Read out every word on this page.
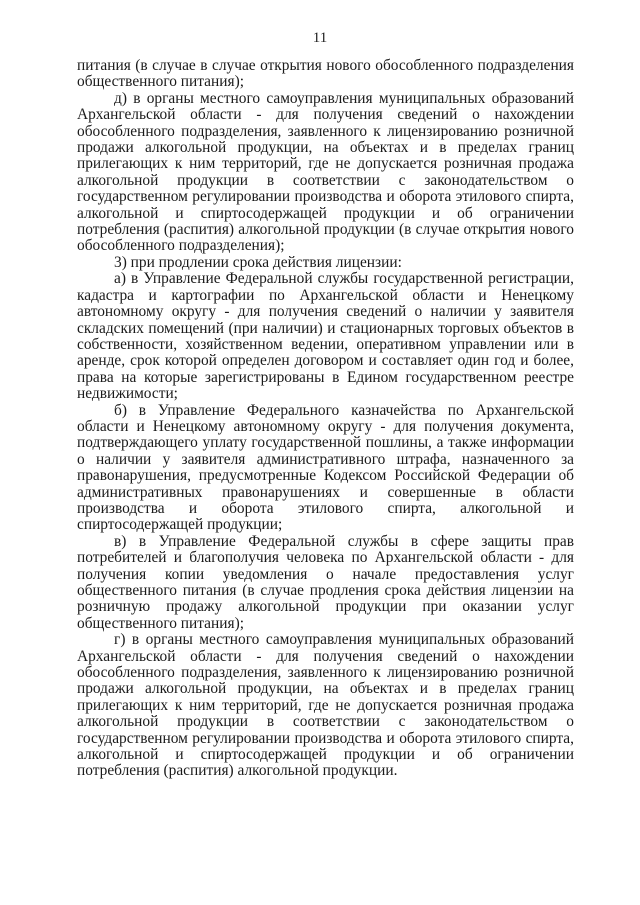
11

питания (в случае в случае открытия нового обособленного подразделения общественного питания);

д) в органы местного самоуправления муниципальных образований Архангельской области - для получения сведений о нахождении обособленного подразделения, заявленного к лицензированию розничной продажи алкогольной продукции, на объектах и в пределах границ прилегающих к ним территорий, где не допускается розничная продажа алкогольной продукции в соответствии с законодательством о государственном регулировании производства и оборота этилового спирта, алкогольной и спиртосодержащей продукции и об ограничении потребления (распития) алкогольной продукции (в случае открытия нового обособленного подразделения);

3) при продлении срока действия лицензии:

а) в Управление Федеральной службы государственной регистрации, кадастра и картографии по Архангельской области и Ненецкому автономному округу - для получения сведений о наличии у заявителя складских помещений (при наличии) и стационарных торговых объектов в собственности, хозяйственном ведении, оперативном управлении или в аренде, срок которой определен договором и составляет один год и более, права на которые зарегистрированы в Едином государственном реестре недвижимости;

б) в Управление Федерального казначейства по Архангельской области и Ненецкому автономному округу - для получения документа, подтверждающего уплату государственной пошлины, а также информации о наличии у заявителя административного штрафа, назначенного за правонарушения, предусмотренные Кодексом Российской Федерации об административных правонарушениях и совершенные в области производства и оборота этилового спирта, алкогольной и спиртосодержащей продукции;

в) в Управление Федеральной службы в сфере защиты прав потребителей и благополучия человека по Архангельской области - для получения копии уведомления о начале предоставления услуг общественного питания (в случае продления срока действия лицензии на розничную продажу алкогольной продукции при оказании услуг общественного питания);

г) в органы местного самоуправления муниципальных образований Архангельской области - для получения сведений о нахождении обособленного подразделения, заявленного к лицензированию розничной продажи алкогольной продукции, на объектах и в пределах границ прилегающих к ним территорий, где не допускается розничная продажа алкогольной продукции в соответствии с законодательством о государственном регулировании производства и оборота этилового спирта, алкогольной и спиртосодержащей продукции и об ограничении потребления (распития) алкогольной продукции.
